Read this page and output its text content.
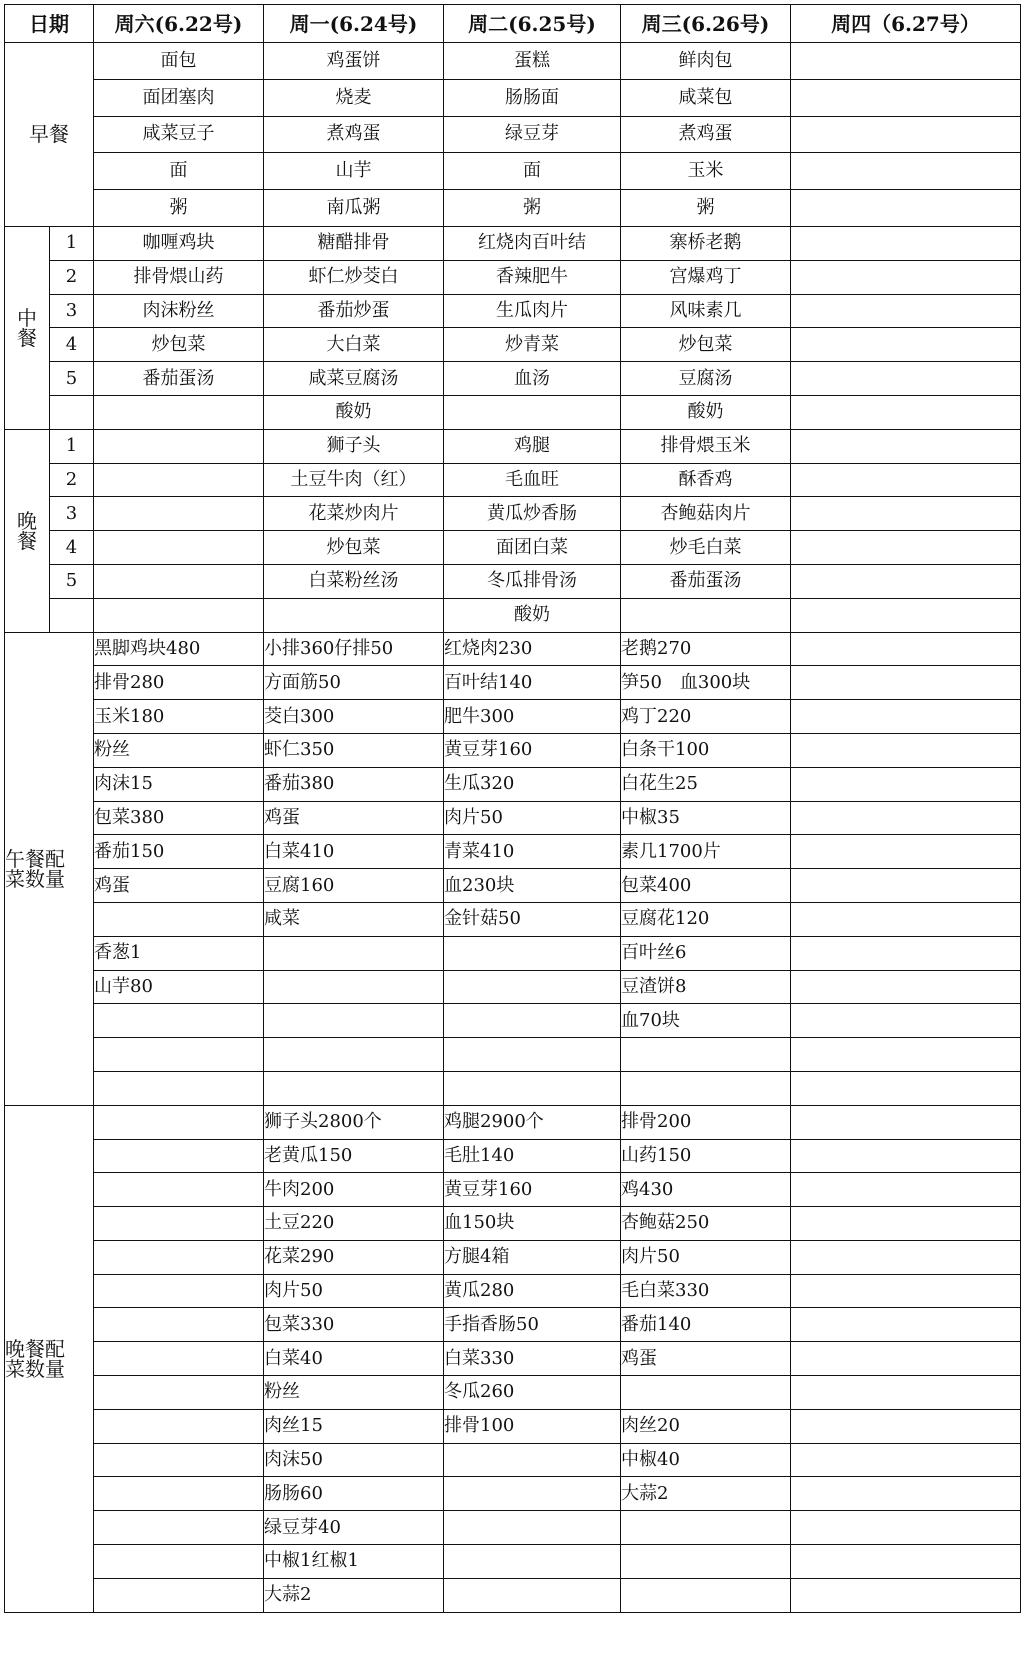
日期		周六(6.22号)	周一(6.24号)	周二(6.25号)	周三(6.26号)	周四（6.27号）
早餐		面包	鸡蛋饼	蛋糕	鲜肉包	
		面团塞肉	烧麦	肠肠面	咸菜包	
		咸菜豆子	煮鸡蛋	绿豆芽	煮鸡蛋	
		面	山芋	面	玉米	
		粥	南瓜粥	粥	粥	
中
餐	1	咖喱鸡块	糖醋排骨	红烧肉百叶结	寨桥老鹅	
	2	排骨煨山药	虾仁炒茭白	香辣肥牛	宫爆鸡丁	
	3	肉沫粉丝	番茄炒蛋	生瓜肉片	风味素几	
	4	炒包菜	大白菜	炒青菜	炒包菜	
	5	番茄蛋汤	咸菜豆腐汤	血汤	豆腐汤	
			酸奶		酸奶	
晚
餐	1		狮子头	鸡腿	排骨煨玉米	
	2		土豆牛肉（红）	毛血旺	酥香鸡	
	3		花菜炒肉片	黄瓜炒香肠	杏鲍菇肉片	
	4		炒包菜	面团白菜	炒毛白菜	
	5		白菜粉丝汤	冬瓜排骨汤	番茄蛋汤	
				酸奶		
午餐配
菜数量		黑脚鸡块480	小排360仔排50	红烧肉230	老鹅270	
		排骨280	方面筋50	百叶结140	笋50　血300块	
		玉米180	茭白300	肥牛300	鸡丁220	
		粉丝	虾仁350	黄豆芽160	白条干100	
		肉沫15	番茄380	生瓜320	白花生25	
		包菜380	鸡蛋	肉片50	中椒35	
		番茄150	白菜410	青菜410	素几1700片	
		鸡蛋	豆腐160	血230块	包菜400	
			咸菜	金针菇50	豆腐花120	
		香葱1			百叶丝6	
		山芋80			豆渣饼8	
					血70块	

晚餐配
菜数量			狮子头2800个	鸡腿2900个	排骨200	
			老黄瓜150	毛肚140	山药150	
			牛肉200	黄豆芽160	鸡430	
			土豆220	血150块	杏鲍菇250	
			花菜290	方腿4箱	肉片50	
			肉片50	黄瓜280	毛白菜330	
			包菜330	手指香肠50	番茄140	
			白菜40	白菜330	鸡蛋	
			粉丝	冬瓜260		
			肉丝15	排骨100	肉丝20	
			肉沫50		中椒40	
			肠肠60		大蒜2	
			绿豆芽40			
			中椒1红椒1			
			大蒜2			
